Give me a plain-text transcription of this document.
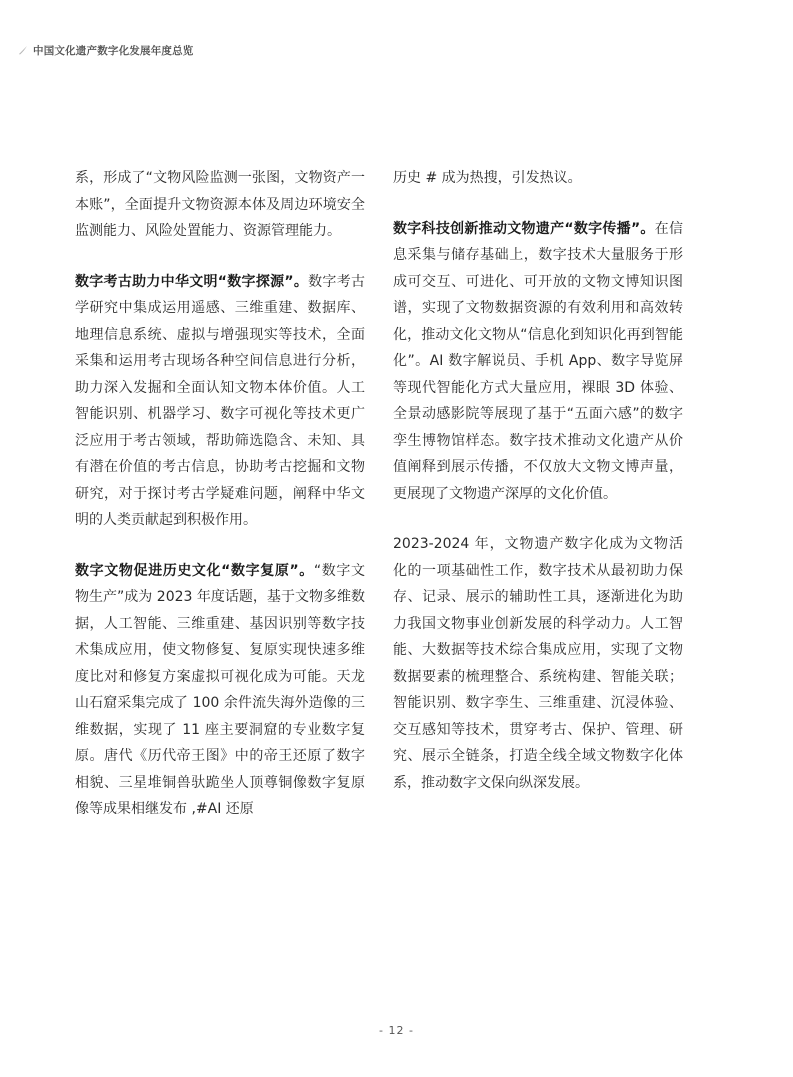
中国文化遗产数字化发展年度总览

系，形成了“文物风险监测一张图，文物资产一本账”，全面提升文物资源本体及周边环境安全监测能力、风险处置能力、资源管理能力。

数字考古助力中华文明“数字探源”。数字考古学研究中集成运用遥感、三维重建、数据库、地理信息系统、虚拟与增强现实等技术，全面采集和运用考古现场各种空间信息进行分析，助力深入发掘和全面认知文物本体价值。人工智能识别、机器学习、数字可视化等技术更广泛应用于考古领域，帮助筛选隐含、未知、具有潜在价值的考古信息，协助考古挖掘和文物研究，对于探讨考古学疑难问题，阐释中华文明的人类贡献起到积极作用。

数字文物促进历史文化“数字复原”。“数字文物生产”成为 2023 年度话题，基于文物多维数据，人工智能、三维重建、基因识别等数字技术集成应用，使文物修复、复原实现快速多维度比对和修复方案虚拟可视化成为可能。天龙山石窟采集完成了 100 余件流失海外造像的三维数据，实现了 11 座主要洞窟的专业数字复原。唐代《历代帝王图》中的帝王还原了数字相貌、三星堆铜兽驮跪坐人顶尊铜像数字复原像等成果相继发布 ,#AI 还原

历史 # 成为热搜，引发热议。

数字科技创新推动文物遗产“数字传播”。在信息采集与储存基础上，数字技术大量服务于形成可交互、可进化、可开放的文物文博知识图谱，实现了文物数据资源的有效利用和高效转化，推动文化文物从“信息化到知识化再到智能化”。AI 数字解说员、手机 App、数字导览屏等现代智能化方式大量应用，裸眼 3D 体验、全景动感影院等展现了基于“五面六感”的数字孪生博物馆样态。数字技术推动文化遗产从价值阐释到展示传播，不仅放大文物文博声量，更展现了文物遗产深厚的文化价值。

2023-2024 年，文物遗产数字化成为文物活化的一项基础性工作，数字技术从最初助力保存、记录、展示的辅助性工具，逐渐进化为助力我国文物事业创新发展的科学动力。人工智能、大数据等技术综合集成应用，实现了文物数据要素的梳理整合、系统构建、智能关联；智能识别、数字孪生、三维重建、沉浸体验、交互感知等技术，贯穿考古、保护、管理、研究、展示全链条，打造全线全域文物数字化体系，推动数字文保向纵深发展。

- 12 -
